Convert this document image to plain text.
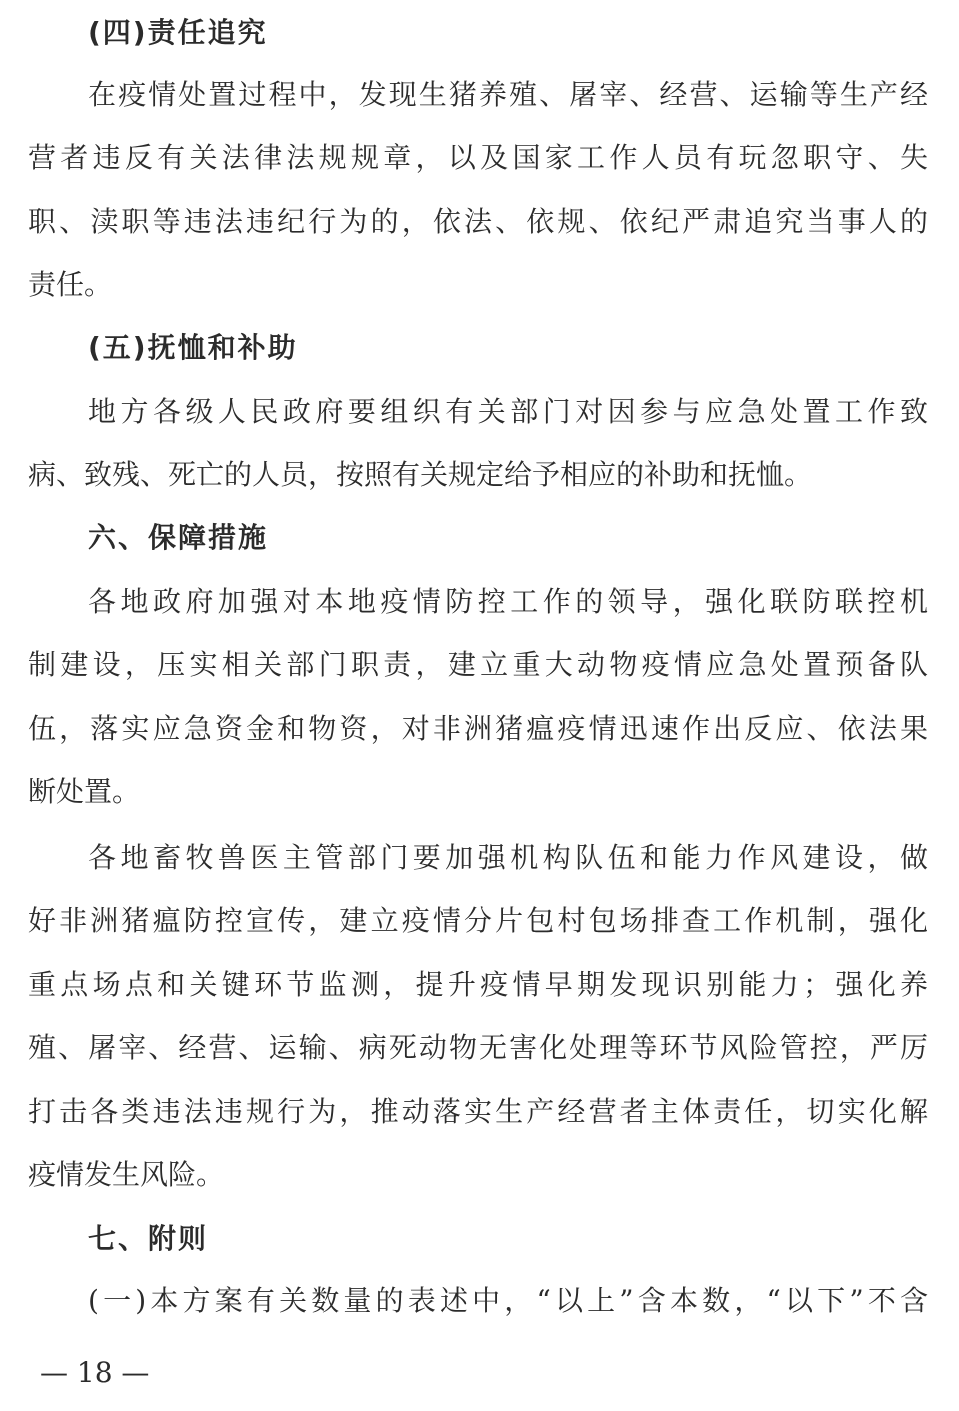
(四)责任追究
在疫情处置过程中，发现生猪养殖、屠宰、经营、运输等生产经
营者违反有关法律法规规章，以及国家工作人员有玩忽职守、失
职、渎职等违法违纪行为的，依法、依规、依纪严肃追究当事人的
责任。
(五)抚恤和补助
地方各级人民政府要组织有关部门对因参与应急处置工作致
病、致残、死亡的人员，按照有关规定给予相应的补助和抚恤。
六、保障措施
各地政府加强对本地疫情防控工作的领导，强化联防联控机
制建设，压实相关部门职责，建立重大动物疫情应急处置预备队
伍，落实应急资金和物资，对非洲猪瘟疫情迅速作出反应、依法果
断处置。
各地畜牧兽医主管部门要加强机构队伍和能力作风建设，做
好非洲猪瘟防控宣传，建立疫情分片包村包场排查工作机制，强化
重点场点和关键环节监测，提升疫情早期发现识别能力；强化养
殖、屠宰、经营、运输、病死动物无害化处理等环节风险管控，严厉
打击各类违法违规行为，推动落实生产经营者主体责任，切实化解
疫情发生风险。
七、附则
(一)本方案有关数量的表述中，“以上”含本数，“以下”不含
— 18 —
